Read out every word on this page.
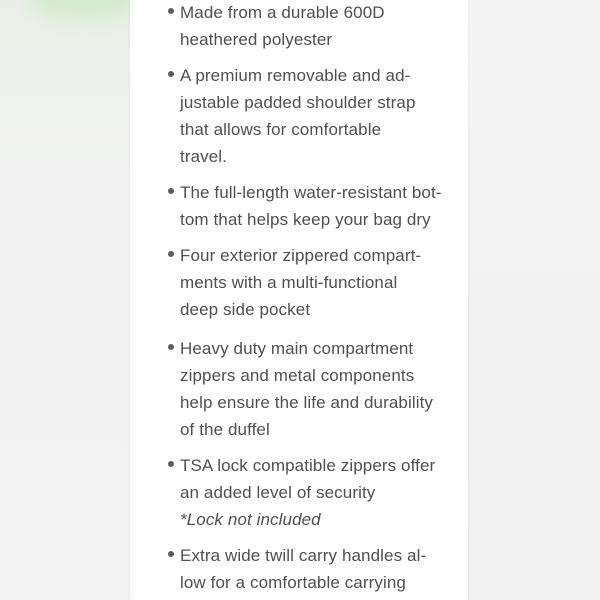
Made from a durable 600D
heathered polyester
A premium removable and ad-
justable padded shoulder strap
that allows for comfortable
travel.
The full-length water-resistant bot-
tom that helps keep your bag dry
Four exterior zippered compart-
ments with a multi-functional
deep side pocket
Heavy duty main compartment
zippers and metal components
help ensure the life and durability
of the duffel
TSA lock compatible zippers offer
an added level of security
*Lock not included
Extra wide twill carry handles al-
low for a comfortable carrying
